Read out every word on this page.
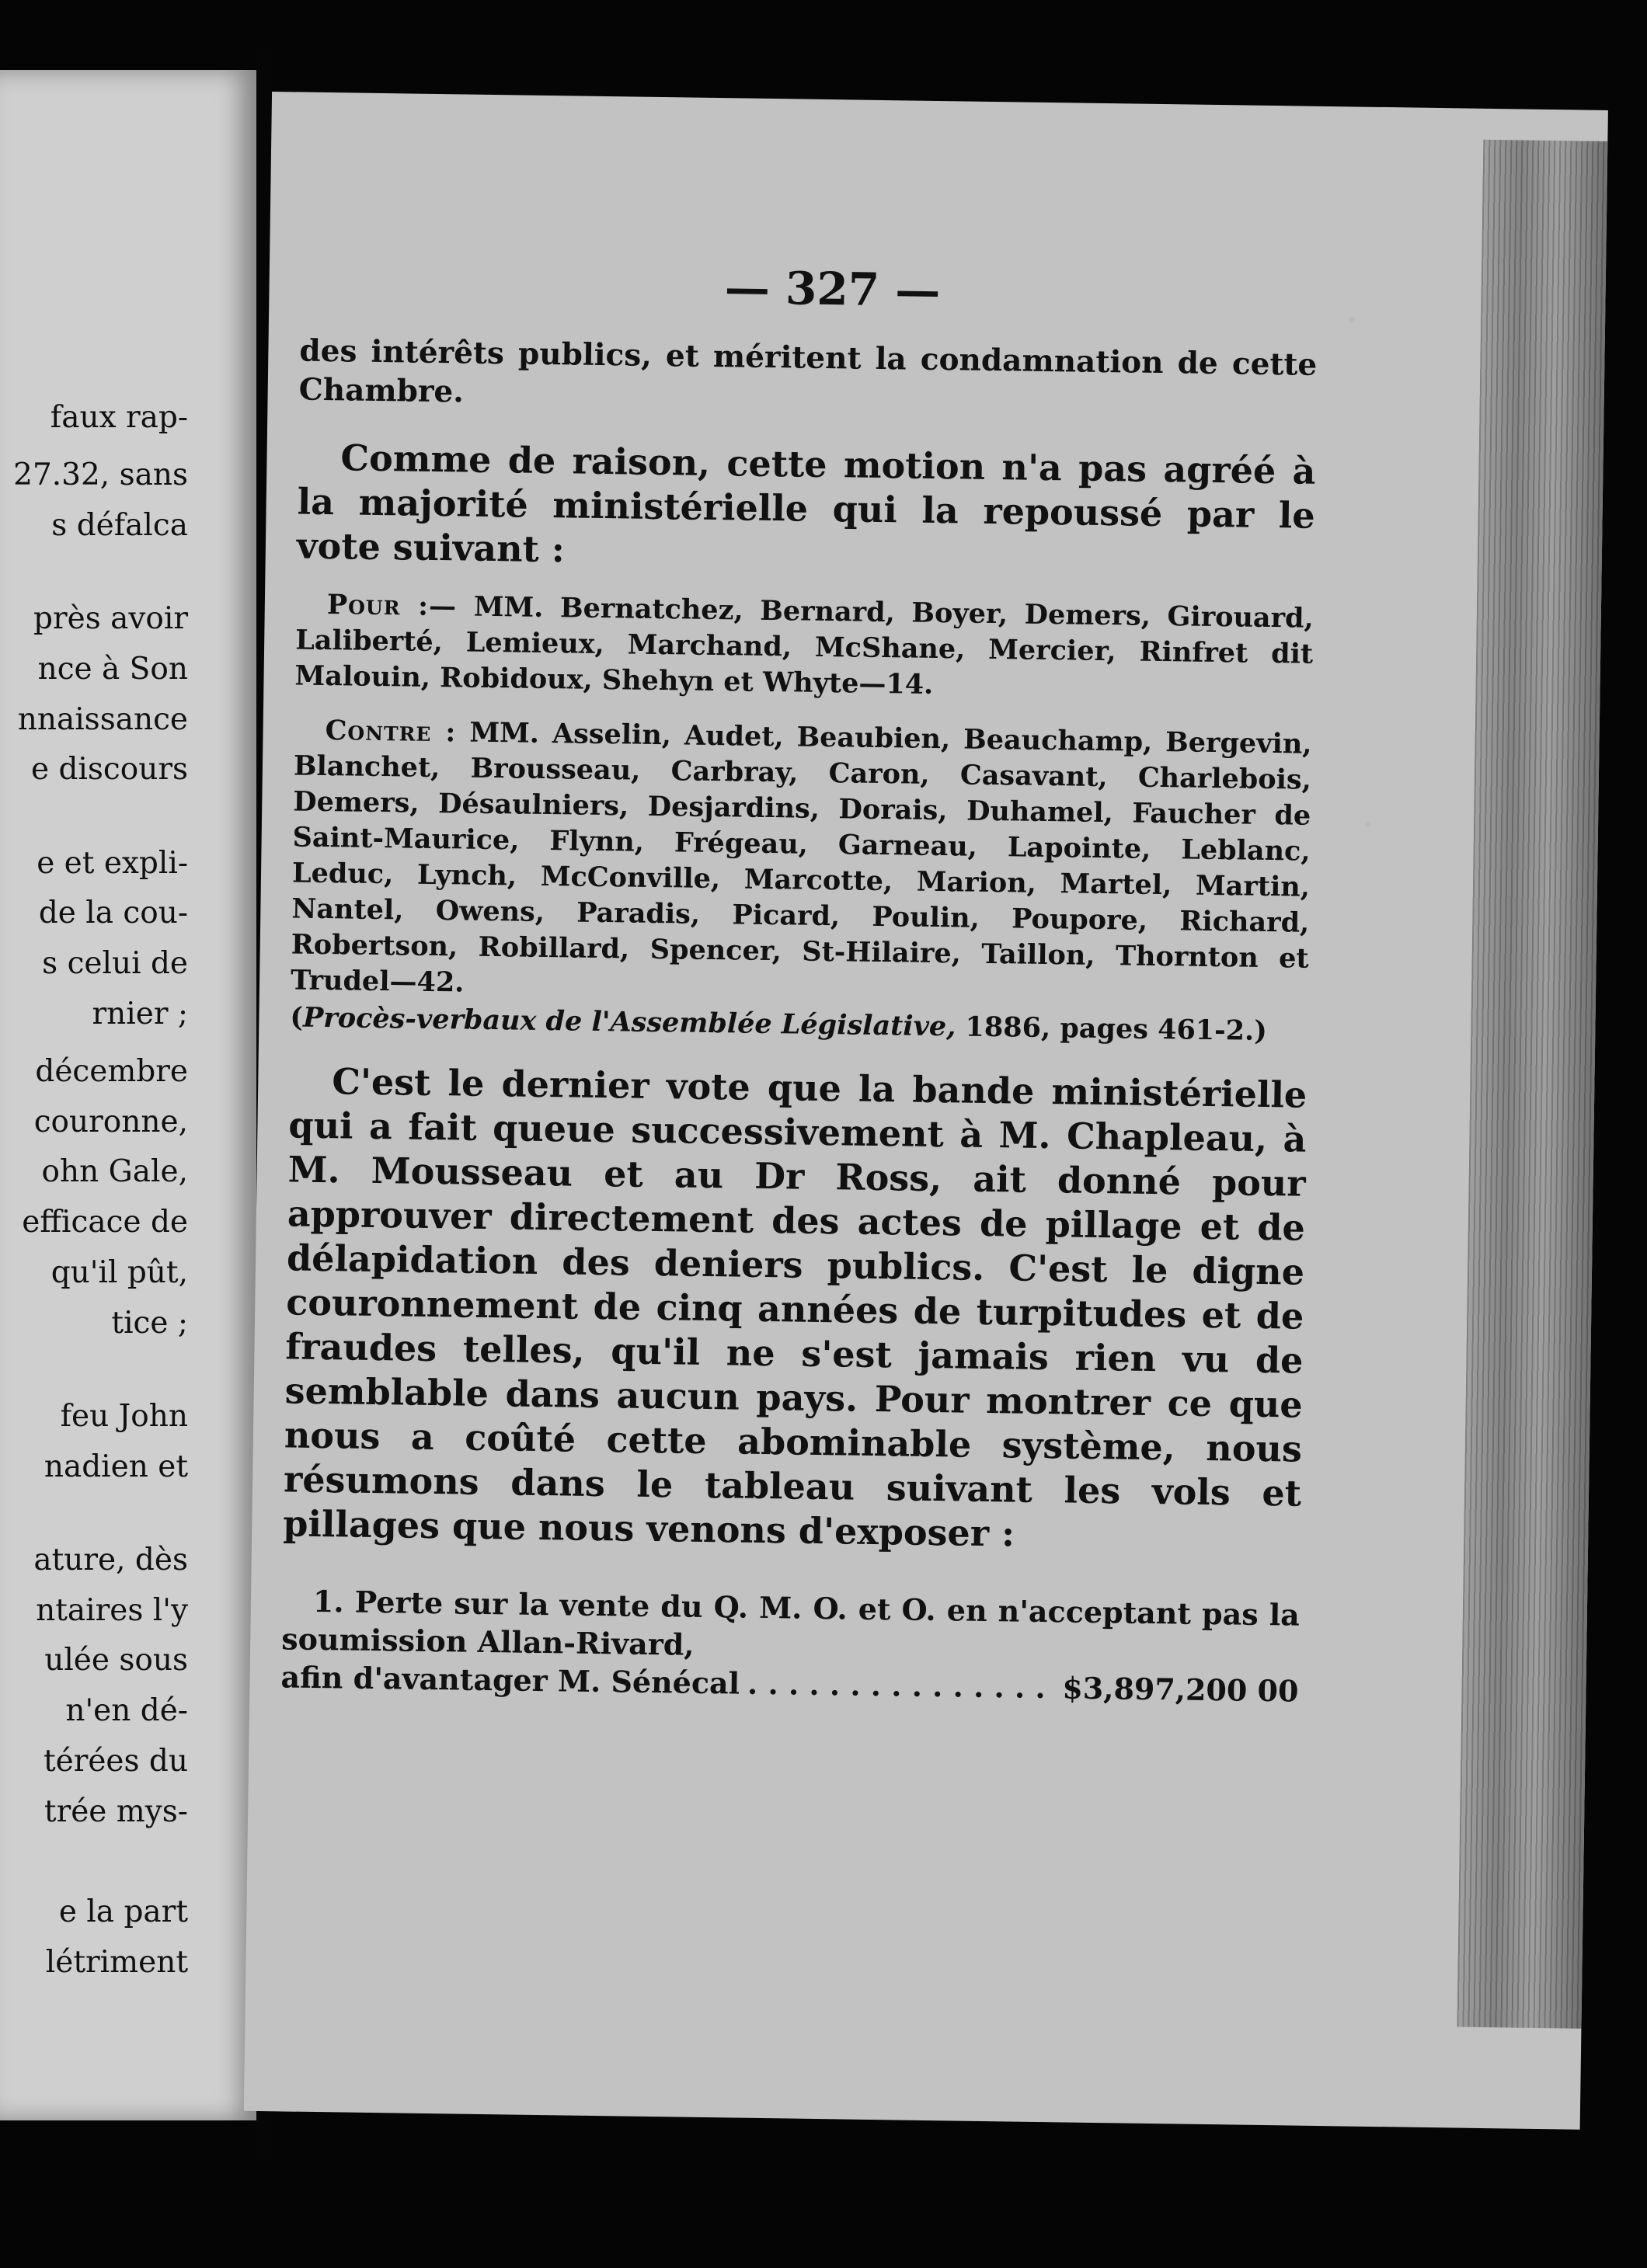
faux rap-
27.32, sans
s défalca
près avoir
nce à Son
nnaissance
e discours
e et expli-
de la cou-
s celui de
rnier ;
décembre
couronne,
ohn Gale,
efficace de
qu'il pût,
tice ;
feu John
nadien et
ature, dès
ntaires l'y
ulée sous
n'en dé-
térées du
trée mys-
e la part
létriment
— 327 —

des intérêts publics, et méritent la condamnation de cette Chambre.

Comme de raison, cette motion n'a pas agréé à la majorité ministérielle qui la repoussé par le vote suivant :

Pour :— MM. Bernatchez, Bernard, Boyer, Demers, Girouard, Laliberté, Lemieux, Marchand, McShane, Mercier, Rinfret dit Malouin, Robidoux, Shehyn et Whyte—14.

Contre : MM. Asselin, Audet, Beaubien, Beauchamp, Bergevin, Blanchet, Brousseau, Carbray, Caron, Casavant, Charlebois, Demers, Désaulniers, Desjardins, Dorais, Duhamel, Faucher de Saint-Maurice, Flynn, Frégeau, Garneau, Lapointe, Leblanc, Leduc, Lynch, McConville, Marcotte, Marion, Martel, Martin, Nantel, Owens, Paradis, Picard, Poulin, Poupore, Richard, Robertson, Robillard, Spencer, St-Hilaire, Taillon, Thornton et Trudel—42.

(Procès-verbaux de l'Assemblée Législative, 1886, pages 461-2.)

C'est le dernier vote que la bande ministérielle qui a fait queue successivement à M. Chapleau, à M. Mousseau et au Dr Ross, ait donné pour approuver directement des actes de pillage et de délapidation des deniers publics. C'est le digne couronnement de cinq années de turpitudes et de fraudes telles, qu'il ne s'est jamais rien vu de semblable dans aucun pays. Pour montrer ce que nous a coûté cette abominable système, nous résumons dans le tableau suivant les vols et pillages que nous venons d'exposer :

1. Perte sur la vente du Q. M. O. et O. en n'acceptant pas la soumission Allan-Rivard,

afin d'avantager M. Sénécal
. . .	$3,897,200 00
